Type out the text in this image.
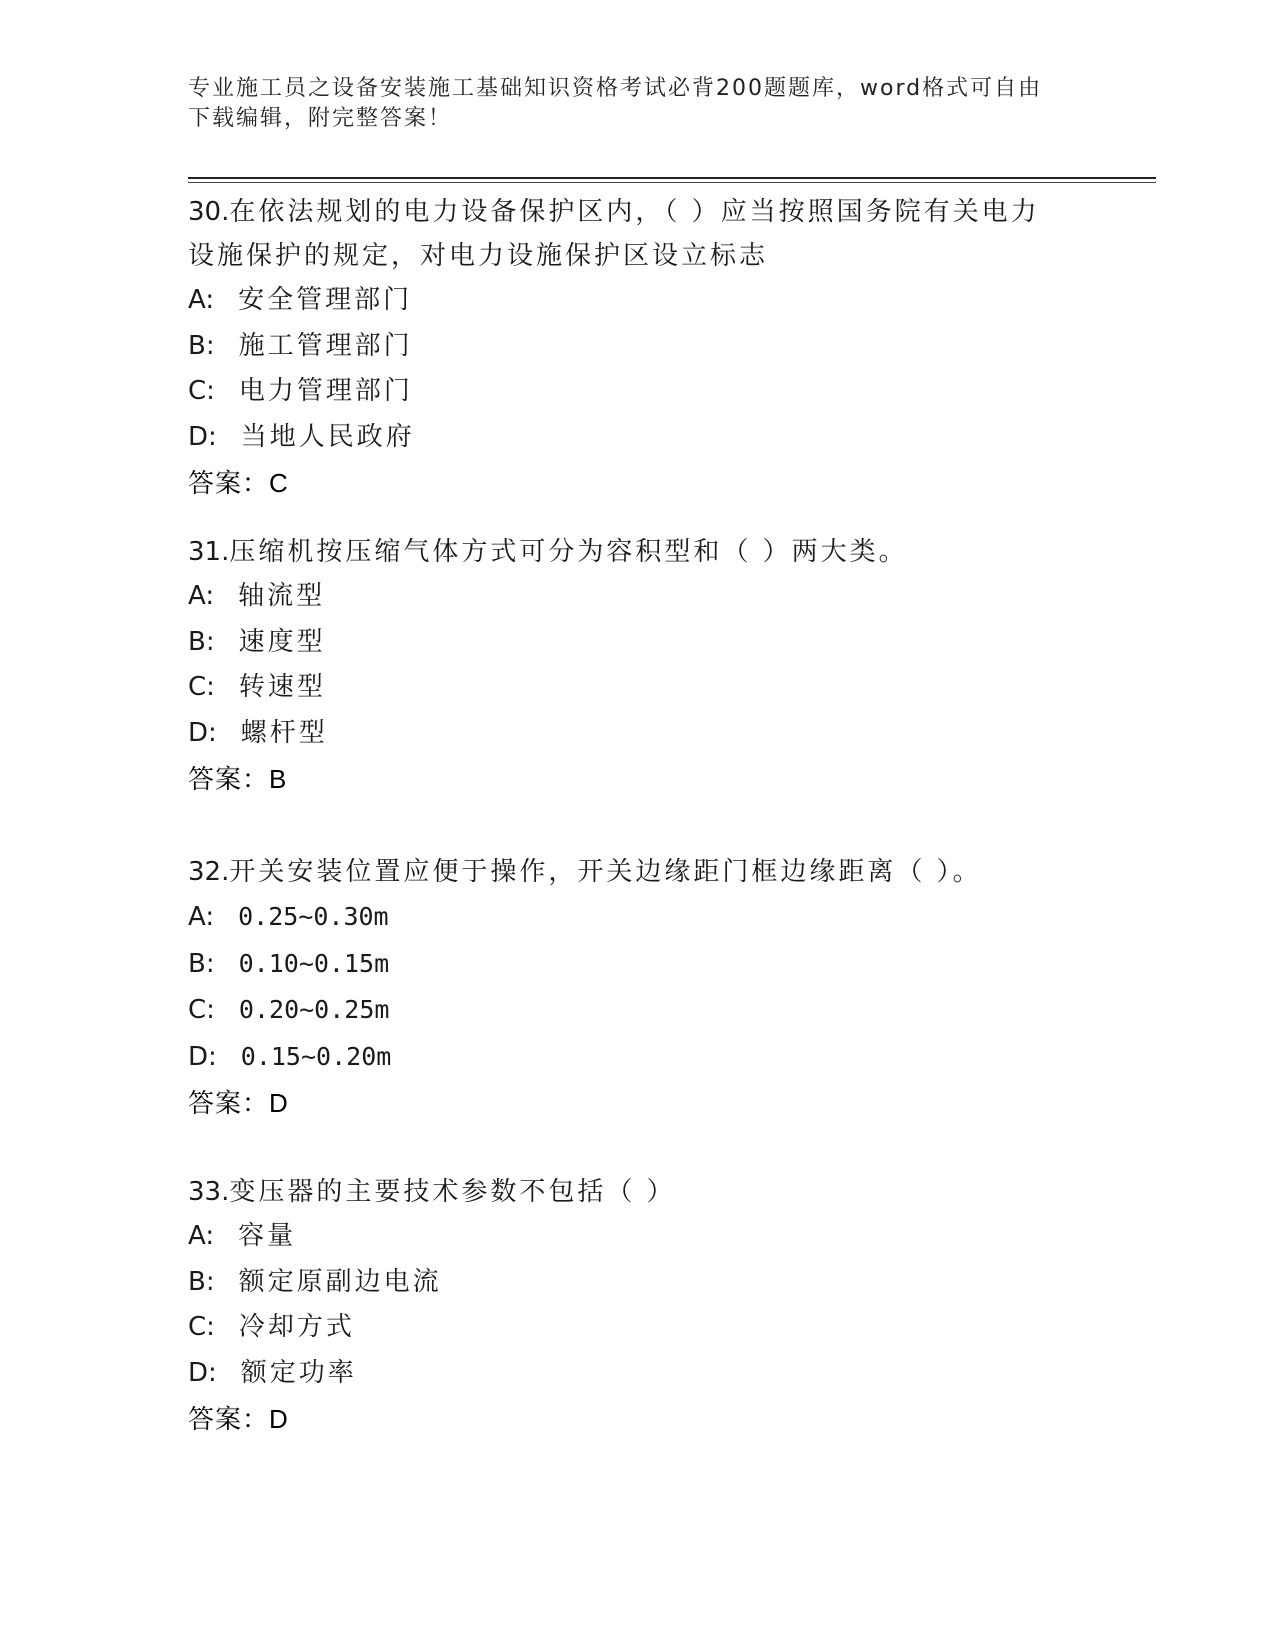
专业施工员之设备安装施工基础知识资格考试必背200题题库，word格式可自由
下载编辑，附完整答案！

30.在依法规划的电力设备保护区内，（ ）应当按照国务院有关电力
设施保护的规定，对电力设施保护区设立标志

A: 安全管理部门
B: 施工管理部门
C: 电力管理部门
D: 当地人民政府

答案：C

31.压缩机按压缩气体方式可分为容积型和（ ）两大类。

A: 轴流型
B: 速度型
C: 转速型
D: 螺杆型

答案：B

32.开关安装位置应便于操作，开关边缘距门框边缘距离（ ）。

A: 0.25~0.30m
B: 0.10~0.15m
C: 0.20~0.25m
D: 0.15~0.20m

答案：D

33.变压器的主要技术参数不包括（ ）

A: 容量
B: 额定原副边电流
C: 冷却方式
D: 额定功率

答案：D
